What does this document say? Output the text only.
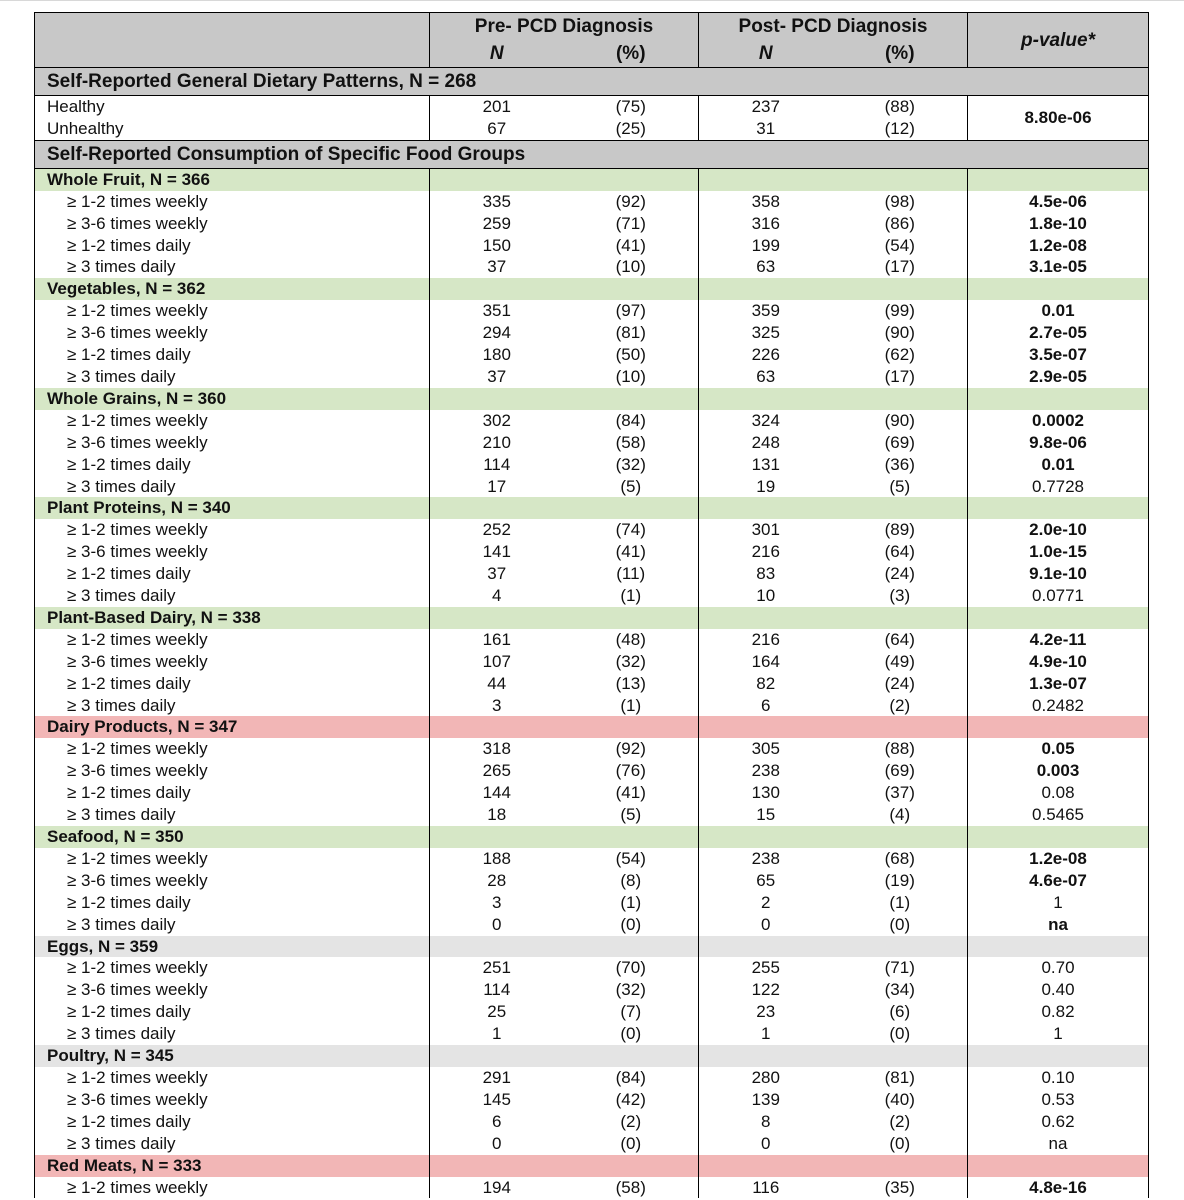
	Pre- PCD Diagnosis		Post- PCD Diagnosis		p-value*
	N	(%)	N	(%)	
Self-Reported General Dietary Patterns, N = 268					
Healthy	201	(75)	237	(88)	8.80e-06
Unhealthy	67	(25)	31	(12)	
Self-Reported Consumption of Specific Food Groups					
Whole Fruit, N = 366					
≥ 1-2 times weekly	335	(92)	358	(98)	4.5e-06
≥ 3-6 times weekly	259	(71)	316	(86)	1.8e-10
≥ 1-2 times daily	150	(41)	199	(54)	1.2e-08
≥ 3 times daily	37	(10)	63	(17)	3.1e-05
Vegetables, N = 362					
≥ 1-2 times weekly	351	(97)	359	(99)	0.01
≥ 3-6 times weekly	294	(81)	325	(90)	2.7e-05
≥ 1-2 times daily	180	(50)	226	(62)	3.5e-07
≥ 3 times daily	37	(10)	63	(17)	2.9e-05
Whole Grains, N = 360					
≥ 1-2 times weekly	302	(84)	324	(90)	0.0002
≥ 3-6 times weekly	210	(58)	248	(69)	9.8e-06
≥ 1-2 times daily	114	(32)	131	(36)	0.01
≥ 3 times daily	17	(5)	19	(5)	0.7728
Plant Proteins, N = 340					
≥ 1-2 times weekly	252	(74)	301	(89)	2.0e-10
≥ 3-6 times weekly	141	(41)	216	(64)	1.0e-15
≥ 1-2 times daily	37	(11)	83	(24)	9.1e-10
≥ 3 times daily	4	(1)	10	(3)	0.0771
Plant-Based Dairy, N = 338					
≥ 1-2 times weekly	161	(48)	216	(64)	4.2e-11
≥ 3-6 times weekly	107	(32)	164	(49)	4.9e-10
≥ 1-2 times daily	44	(13)	82	(24)	1.3e-07
≥ 3 times daily	3	(1)	6	(2)	0.2482
Dairy Products, N = 347					
≥ 1-2 times weekly	318	(92)	305	(88)	0.05
≥ 3-6 times weekly	265	(76)	238	(69)	0.003
≥ 1-2 times daily	144	(41)	130	(37)	0.08
≥ 3 times daily	18	(5)	15	(4)	0.5465
Seafood, N = 350					
≥ 1-2 times weekly	188	(54)	238	(68)	1.2e-08
≥ 3-6 times weekly	28	(8)	65	(19)	4.6e-07
≥ 1-2 times daily	3	(1)	2	(1)	1
≥ 3 times daily	0	(0)	0	(0)	na
Eggs, N = 359					
≥ 1-2 times weekly	251	(70)	255	(71)	0.70
≥ 3-6 times weekly	114	(32)	122	(34)	0.40
≥ 1-2 times daily	25	(7)	23	(6)	0.82
≥ 3 times daily	1	(0)	1	(0)	1
Poultry, N = 345					
≥ 1-2 times weekly	291	(84)	280	(81)	0.10
≥ 3-6 times weekly	145	(42)	139	(40)	0.53
≥ 1-2 times daily	6	(2)	8	(2)	0.62
≥ 3 times daily	0	(0)	0	(0)	na
Red Meats, N = 333					
≥ 1-2 times weekly	194	(58)	116	(35)	4.8e-16
